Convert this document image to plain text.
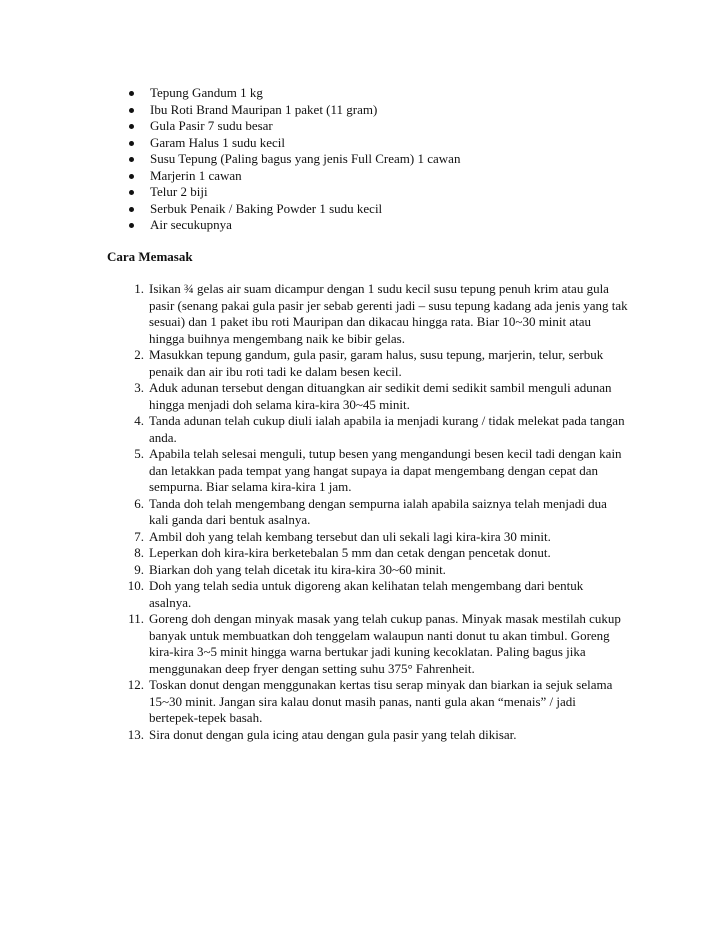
Tepung Gandum 1 kg
Ibu Roti Brand Mauripan 1 paket (11 gram)
Gula Pasir 7 sudu besar
Garam Halus 1 sudu kecil
Susu Tepung (Paling bagus yang jenis Full Cream) 1 cawan
Marjerin 1 cawan
Telur 2 biji
Serbuk Penaik / Baking Powder 1 sudu kecil
Air secukupnya
Cara Memasak
1. Isikan ¾ gelas air suam dicampur dengan 1 sudu kecil susu tepung penuh krim atau gula pasir (senang pakai gula pasir jer sebab gerenti jadi – susu tepung kadang ada jenis yang tak sesuai) dan 1 paket ibu roti Mauripan dan dikacau hingga rata. Biar 10~30 minit atau hingga buihnya mengembang naik ke bibir gelas.
2. Masukkan tepung gandum, gula pasir, garam halus, susu tepung, marjerin, telur, serbuk penaik dan air ibu roti tadi ke dalam besen kecil.
3. Aduk adunan tersebut dengan dituangkan air sedikit demi sedikit sambil menguli adunan hingga menjadi doh selama kira-kira 30~45 minit.
4. Tanda adunan telah cukup diuli ialah apabila ia menjadi kurang / tidak melekat pada tangan anda.
5. Apabila telah selesai menguli, tutup besen yang mengandungi besen kecil tadi dengan kain dan letakkan pada tempat yang hangat supaya ia dapat mengembang dengan cepat dan sempurna. Biar selama kira-kira 1 jam.
6. Tanda doh telah mengembang dengan sempurna ialah apabila saiznya telah menjadi dua kali ganda dari bentuk asalnya.
7. Ambil doh yang telah kembang tersebut dan uli sekali lagi kira-kira 30 minit.
8. Leperkan doh kira-kira berketebalan 5 mm dan cetak dengan pencetak donut.
9. Biarkan doh yang telah dicetak itu kira-kira 30~60 minit.
10. Doh yang telah sedia untuk digoreng akan kelihatan telah mengembang dari bentuk asalnya.
11. Goreng doh dengan minyak masak yang telah cukup panas. Minyak masak mestilah cukup banyak untuk membuatkan doh tenggelam walaupun nanti donut tu akan timbul. Goreng kira-kira 3~5 minit hingga warna bertukar jadi kuning kecoklatan. Paling bagus jika menggunakan deep fryer dengan setting suhu 375° Fahrenheit.
12. Toskan donut dengan menggunakan kertas tisu serap minyak dan biarkan ia sejuk selama 15~30 minit. Jangan sira kalau donut masih panas, nanti gula akan “menais” / jadi bertepek-tepek basah.
13. Sira donut dengan gula icing atau dengan gula pasir yang telah dikisar.
